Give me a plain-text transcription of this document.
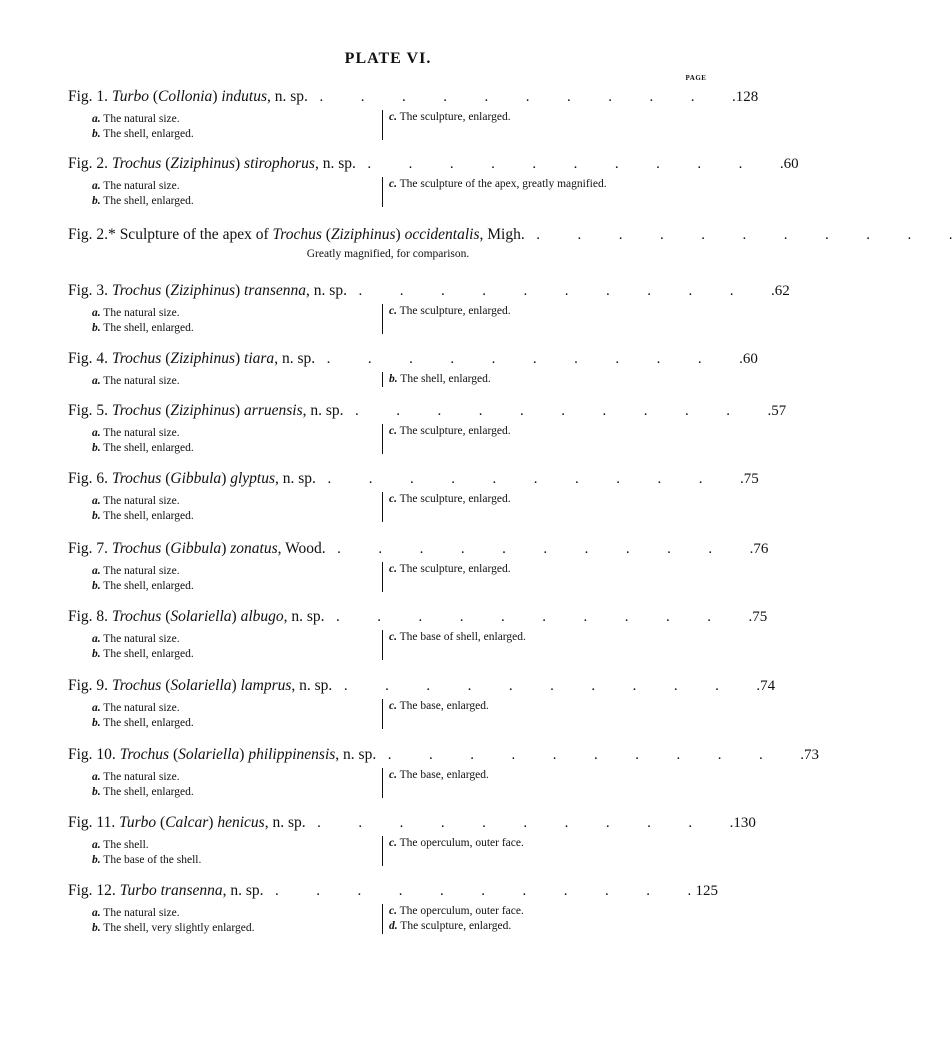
PLATE VI.
PAGE
Fig. 1. Turbo (Collonia) indutus, n. sp. .          .          .          .          .          .          .          .          .          .          . 128
a. The natural size.
b. The shell, enlarged.
c. The sculpture, enlarged.
Fig. 2. Trochus (Ziziphinus) stirophorus, n. sp. .          .          .          .          .          .          .          .          .          .          . 60
a. The natural size.
b. The shell, enlarged.
c. The sculpture of the apex, greatly magnified.
Fig. 2.* Sculpture of the apex of Trochus (Ziziphinus) occidentalis, Migh. .          .          .          .          .          .          .          .          .          .          .
Greatly magnified, for comparison.
Fig. 3. Trochus (Ziziphinus) transenna, n. sp. .          .          .          .          .          .          .          .          .          .          . 62
a. The natural size.
b. The shell, enlarged.
c. The sculpture, enlarged.
Fig. 4. Trochus (Ziziphinus) tiara, n. sp. .          .          .          .          .          .          .          .          .          .          . 60
a. The natural size.	b. The shell, enlarged.
Fig. 5. Trochus (Ziziphinus) arruensis, n. sp. .          .          .          .          .          .          .          .          .          .          . 57
a. The natural size.
b. The shell, enlarged.
c. The sculpture, enlarged.
Fig. 6. Trochus (Gibbula) glyptus, n. sp. .          .          .          .          .          .          .          .          .          .          . 75
a. The natural size.
b. The shell, enlarged.
c. The sculpture, enlarged.
Fig. 7. Trochus (Gibbula) zonatus, Wood. .          .          .          .          .          .          .          .          .          .          . 76
a. The natural size.
b. The shell, enlarged.
c. The sculpture, enlarged.
Fig. 8. Trochus (Solariella) albugo, n. sp. .          .          .          .          .          .          .          .          .          .          . 75
a. The natural size.
b. The shell, enlarged.
c. The base of shell, enlarged.
Fig. 9. Trochus (Solariella) lamprus, n. sp. .          .          .          .          .          .          .          .          .          .          . 74
a. The natural size.
b. The shell, enlarged.
c. The base, enlarged.
Fig. 10. Trochus (Solariella) philippinensis, n. sp. .          .          .          .          .          .          .          .          .          .          . 73
a. The natural size.
b. The shell, enlarged.
c. The base, enlarged.
Fig. 11. Turbo (Calcar) henicus, n. sp. .          .          .          .          .          .          .          .          .          .          . 130
a. The shell.
b. The base of the shell.
c. The operculum, outer face.
Fig. 12. Turbo transenna, n. sp. .          .          .          .          .          .          .          .          .          .          . 125
a. The natural size.
b. The shell, very slightly enlarged.
c. The operculum, outer face.
d. The sculpture, enlarged.
